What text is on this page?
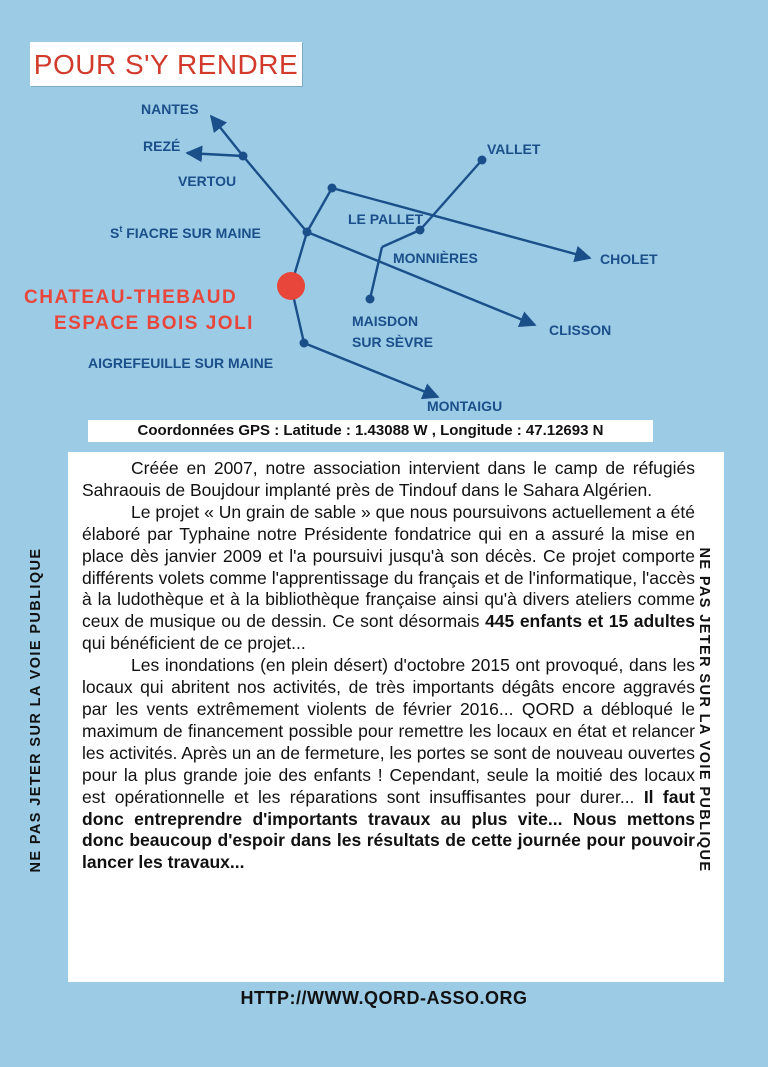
POUR S'Y RENDRE
NANTES
REZÉ
VERTOU
VALLET
LE PALLET
$S^t$ FIACRE SUR MAINE
MONNIÈRES	CHOLET
MAISDON
SUR SÈVRE
CLISSON
AIGREFEUILLE SUR MAINE
MONTAIGU
CHATEAU-THEBAUD
ESPACE BOIS JOLI
Coordonnées GPS : Latitude : 1.43088 W , Longitude : 47.12693 N

Créée en 2007, notre association intervient dans le camp de réfugiés Sahraouis de Boujdour implanté près de Tindouf dans le Sahara Algérien.

Le projet « Un grain de sable » que nous poursuivons actuellement a été élaboré par Typhaine notre Présidente fondatrice qui en a assuré la mise en place dès janvier 2009 et l'a poursuivi jusqu'à son décès. Ce projet comporte différents volets comme l'apprentissage du français et de l'informatique, l'accès à la ludothèque et à la bibliothèque française ainsi qu'à divers ateliers comme ceux de musique ou de dessin. Ce sont désormais 445 enfants et 15 adultes qui bénéficient de ce projet...

Les inondations (en plein désert) d'octobre 2015 ont provoqué, dans les locaux qui abritent nos activités, de très importants dégâts encore aggravés par les vents extrêmement violents de février 2016... QORD a débloqué le maximum de financement possible pour remettre les locaux en état et relancer les activités. Après un an de fermeture, les portes se sont de nouveau ouvertes pour la plus grande joie des enfants ! Cependant, seule la moitié des locaux est opérationnelle et les réparations sont insuffisantes pour durer... Il faut donc entreprendre d'importants travaux au plus vite... Nous mettons donc beaucoup d'espoir dans les résultats de cette journée pour pouvoir lancer les travaux...

NE PAS JETER SUR LA VOIE PUBLIQUE	NE PAS JETER SUR LA VOIE PUBLIQUE
HTTP://WWW.QORD-ASSO.ORG
